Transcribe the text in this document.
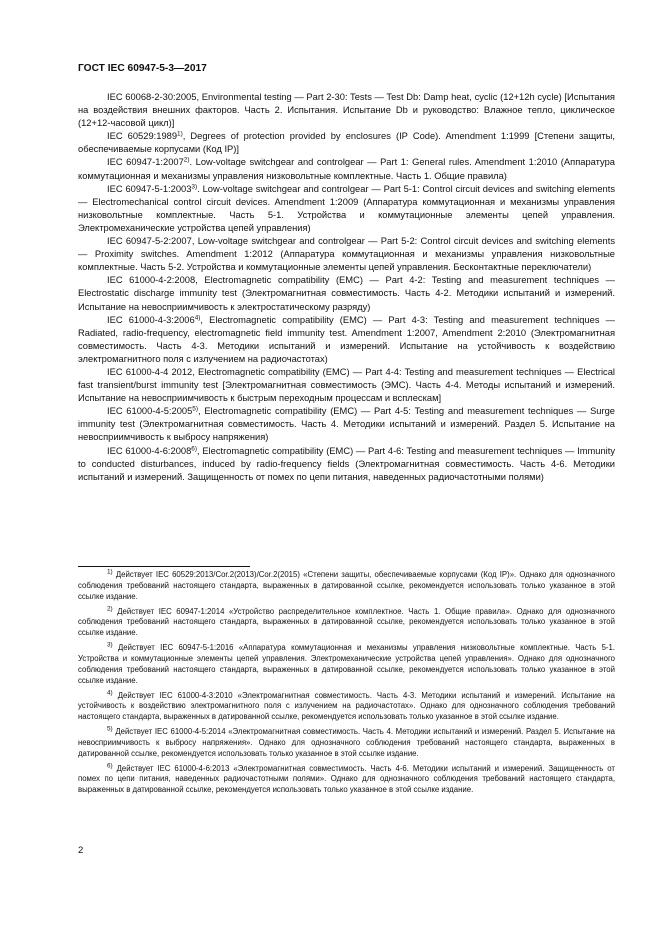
ГОСТ IEC 60947-5-3—2017

IEC 60068-2-30:2005, Environmental testing — Part 2-30: Tests — Test Db: Damp heat, cyclic (12+12h cycle) [Испытания на воздействия внешних факторов. Часть 2. Испытания. Испытание Db и руководство: Влажное тепло, циклическое (12+12-часовой цикл)]

IEC 60529:1989$^{1)}$, Degrees of protection provided by enclosures (IP Code). Amendment 1:1999 [Степени защиты, обеспечиваемые корпусами (Код IP)]

IEC 60947-1:2007$^{2)}$. Low-voltage switchgear and controlgear — Part 1: General rules. Amendment 1:2010 (Аппаратура коммутационная и механизмы управления низковольтные комплектные. Часть 1. Общие правила)

IEC 60947-5-1:2003$^{3)}$. Low-voltage switchgear and controlgear — Part 5-1: Control circuit devices and switching elements — Electromechanical control circuit devices. Amendment 1:2009 (Аппаратура коммутационная и механизмы управления низковольтные комплектные. Часть 5-1. Устройства и коммутационные элементы цепей управления. Электромеханические устройства цепей управления)

IEC 60947-5-2:2007, Low-voltage switchgear and controlgear — Part 5-2: Control circuit devices and switching elements — Proximity switches. Amendment 1:2012 (Аппаратура коммутационная и механизмы управления низковольтные комплектные. Часть 5-2. Устройства и коммутационные элементы цепей управления. Бесконтактные переключатели)

IEC 61000-4-2:2008, Electromagnetic compatibility (EMC) — Part 4-2: Testing and measurement techniques — Electrostatic discharge immunity test (Электромагнитная совместимость. Часть 4-2. Методики испытаний и измерений. Испытание на невосприимчивость к электростатическому разряду)

IEC 61000-4-3:2006$^{4)}$, Electromagnetic compatibility (EMC) — Part 4-3: Testing and measurement techniques — Radiated, radio-frequency, electromagnetic field immunity test. Amendment 1:2007, Amendment 2:2010 (Электромагнитная совместимость. Часть 4-3. Методики испытаний и измерений. Испытание на устойчивость к воздействию электромагнитного поля с излучением на радиочастотах)

IEC 61000-4-4 2012, Electromagnetic compatibility (EMC) — Part 4-4: Testing and measurement techniques — Electrical fast transient/burst immunity test [Электромагнитная совместимость (ЭМС). Часть 4-4. Методы испытаний и измерений. Испытание на невосприимчивость к быстрым переходным процессам и всплескам]

IEC 61000-4-5:2005$^{5)}$, Electromagnetic compatibility (EMC) — Part 4-5: Testing and measurement techniques — Surge immunity test (Электромагнитная совместимость. Часть 4. Методики испытаний и измерений. Раздел 5. Испытание на невосприимчивость к выбросу напряжения)

IEC 61000-4-6:2008$^{6)}$, Electromagnetic compatibility (EMC) — Part 4-6: Testing and measurement techniques — Immunity to conducted disturbances, induced by radio-frequency fields (Электромагнитная совместимость. Часть 4-6. Методики испытаний и измерений. Защищенность от помех по цепи питания, наведенных радиочастотными полями)

$^{1)}$ Действует IEC 60529:2013/Cor.2(2013)/Cor.2(2015) «Степени защиты, обеспечиваемые корпусами (Код IP)». Однако для однозначного соблюдения требований настоящего стандарта, выраженных в датированной ссылке, рекомендуется использовать только указанное в этой ссылке издание.

$^{2)}$ Действует IEC 60947-1:2014 «Устройство распределительное комплектное. Часть 1. Общие правила». Однако для однозначного соблюдения требований настоящего стандарта, выраженных в датированной ссылке, рекомендуется использовать только указанное в этой ссылке издание.

$^{3)}$ Действует IEC 60947-5-1:2016 «Аппаратура коммутационная и механизмы управления низковольтные комплектные. Часть 5-1. Устройства и коммутационные элементы цепей управления. Электромеханические устройства цепей управления». Однако для однозначного соблюдения требований настоящего стандарта, выраженных в датированной ссылке, рекомендуется использовать только указанное в этой ссылке издание.

$^{4)}$ Действует IEC 61000-4-3:2010 «Электромагнитная совместимость. Часть 4-3. Методики испытаний и измерений. Испытание на устойчивость к воздействию электромагнитного поля с излучением на радиочастотах». Однако для однозначного соблюдения требований настоящего стандарта, выраженных в датированной ссылке, рекомендуется использовать только указанное в этой ссылке издание.

$^{5)}$ Действует IEC 61000-4-5:2014 «Электромагнитная совместимость. Часть 4. Методики испытаний и измерений. Раздел 5. Испытание на невосприимчивость к выбросу напряжения». Однако для однозначного соблюдения требований настоящего стандарта, выраженных в датированной ссылке, рекомендуется использовать только указанное в этой ссылке издание.

$^{6)}$ Действует IEC 61000-4-6:2013 «Электромагнитная совместимость. Часть 4-6. Методики испытаний и измерений. Защищенность от помех по цепи питания, наведенных радиочастотными полями». Однако для однозначного соблюдения требований настоящего стандарта, выраженных в датированной ссылке, рекомендуется использовать только указанное в этой ссылке издание.

2
